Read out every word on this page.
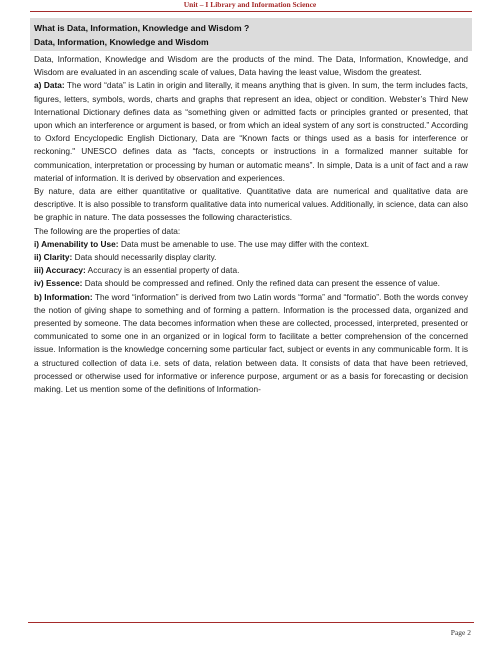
Unit – I Library and Information Science
What is Data, Information, Knowledge and Wisdom ?
Data, Information, Knowledge and Wisdom

Data, Information, Knowledge and Wisdom are the products of the mind. The Data, Information, Knowledge, and Wisdom are evaluated in an ascending scale of values, Data having the least value, Wisdom the greatest.

a) Data: The word “data” is Latin in origin and literally, it means anything that is given. In sum, the term includes facts, figures, letters, symbols, words, charts and graphs that represent an idea, object or condition. Webster’s Third New International Dictionary defines data as “something given or admitted facts or principles granted or presented, that upon which an interference or argument is based, or from which an ideal system of any sort is constructed.” According to Oxford Encyclopedic English Dictionary, Data are “Known facts or things used as a basis for interference or reckoning." UNESCO defines data as “facts, concepts or instructions in a formalized manner suitable for communication, interpretation or processing by human or automatic means”. In simple, Data is a unit of fact and a raw material of information. It is derived by observation and experiences.

By nature, data are either quantitative or qualitative. Quantitative data are numerical and qualitative data are descriptive. It is also possible to transform qualitative data into numerical values. Additionally, in science, data can also be graphic in nature. The data possesses the following characteristics.

The following are the properties of data:

i) Amenability to Use: Data must be amenable to use. The use may differ with the context.

ii) Clarity: Data should necessarily display clarity.

iii) Accuracy: Accuracy is an essential property of data.

iv) Essence: Data should be compressed and refined. Only the refined data can present the essence of value.

b) Information: The word “information” is derived from two Latin words “forma” and “formatio”. Both the words convey the notion of giving shape to something and of forming a pattern. Information is the processed data, organized and presented by someone. The data becomes information when these are collected, processed, interpreted, presented or communicated to some one in an organized or in logical form to facilitate a better comprehension of the concerned issue. Information is the knowledge concerning some particular fact, subject or events in any communicable form. It is a structured collection of data i.e. sets of data, relation between data. It consists of data that have been retrieved, processed or otherwise used for informative or inference purpose, argument or as a basis for forecasting or decision making. Let us mention some of the definitions of Information-

Page 2
